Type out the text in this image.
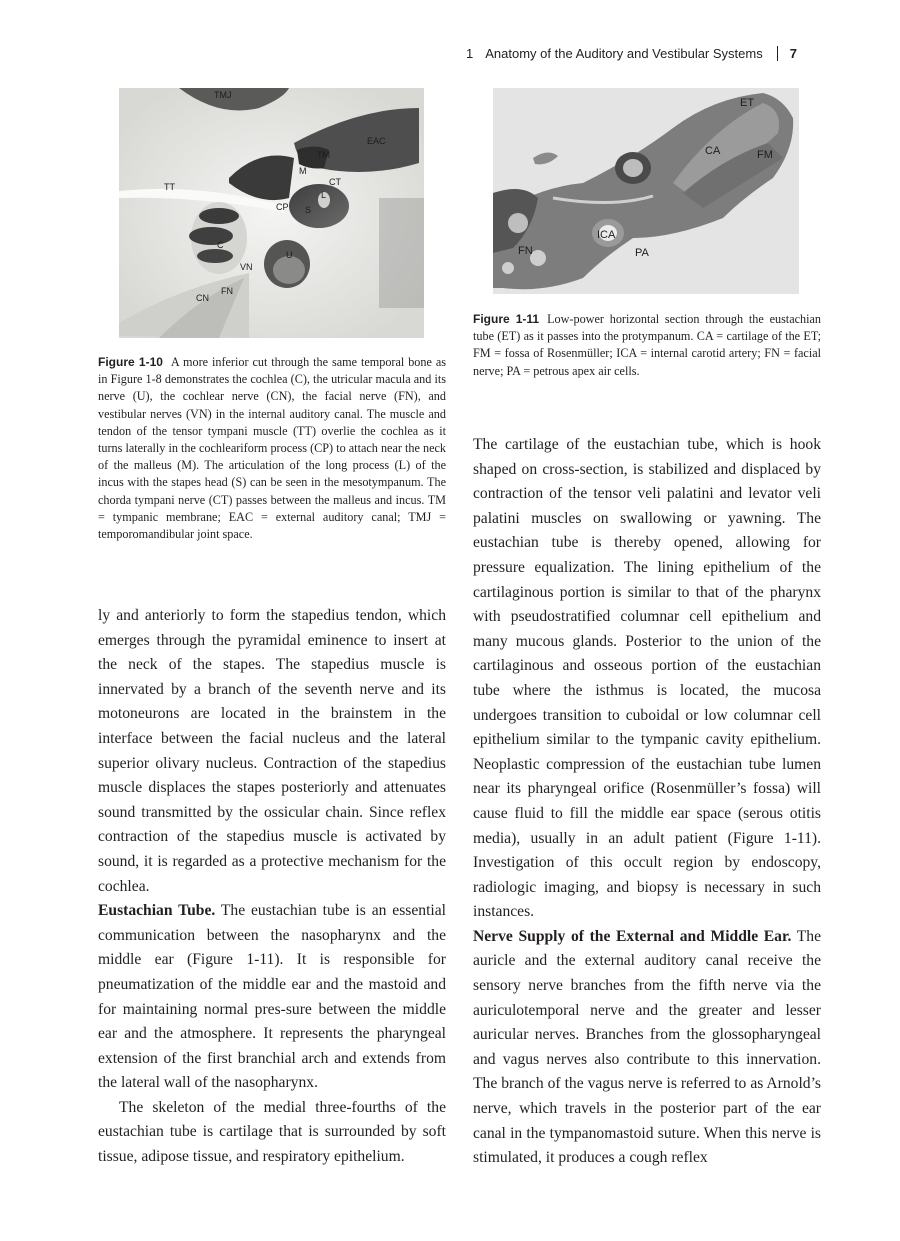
1 Anatomy of the Auditory and Vestibular Systems 7
TMJ
EAC
TM
M
CT
TT
L
CP S
C
U
VN
FN
CN
Figure 1-10 A more inferior cut through the same temporal bone as in Figure 1-8 demonstrates the cochlea (C), the utricular macula and its nerve (U), the cochlear nerve (CN), the facial nerve (FN), and vestibular nerves (VN) in the internal auditory canal. The muscle and tendon of the tensor tympani muscle (TT) overlie the cochlea as it turns laterally in the cochleariform process (CP) to attach near the neck of the malleus (M). The articulation of the long process (L) of the incus with the stapes head (S) can be seen in the mesotympanum. The chorda tympani nerve (CT) passes between the malleus and incus. TM = tympanic membrane; EAC = external auditory canal; TMJ = temporomandibular joint space.
ET
CA	FM
ICA
FN	PA
Figure 1-11 Low-power horizontal section through the eustachian tube (ET) as it passes into the protympanum. CA = cartilage of the ET; FM = fossa of Rosenmüller; ICA = internal carotid artery; FN = facial nerve; PA = petrous apex air cells.

ly and anteriorly to form the stapedius tendon, which emerges through the pyramidal eminence to insert at the neck of the stapes. The stapedius muscle is innervated by a branch of the seventh nerve and its motoneurons are located in the brainstem in the interface between the facial nucleus and the lateral superior olivary nucleus. Contraction of the stapedius muscle displaces the stapes posteriorly and attenuates sound transmitted by the ossicular chain. Since reflex contraction of the stapedius muscle is activated by sound, it is regarded as a protective mechanism for the cochlea.

Eustachian Tube. The eustachian tube is an essential communication between the nasopharynx and the middle ear (Figure 1-11). It is responsible for pneumatization of the middle ear and the mastoid and for maintaining normal pres-sure between the middle ear and the atmosphere. It represents the pharyngeal extension of the first branchial arch and extends from the lateral wall of the nasopharynx.

The skeleton of the medial three-fourths of the eustachian tube is cartilage that is surrounded by soft tissue, adipose tissue, and respiratory epithelium.

The cartilage of the eustachian tube, which is hook shaped on cross-section, is stabilized and displaced by contraction of the tensor veli palatini and levator veli palatini muscles on swallowing or yawning. The eustachian tube is thereby opened, allowing for pressure equalization. The lining epithelium of the cartilaginous portion is similar to that of the pharynx with pseudostratified columnar cell epithelium and many mucous glands. Posterior to the union of the cartilaginous and osseous portion of the eustachian tube where the isthmus is located, the mucosa undergoes transition to cuboidal or low columnar cell epithelium similar to the tympanic cavity epithelium. Neoplastic compression of the eustachian tube lumen near its pharyngeal orifice (Rosenmüller’s fossa) will cause fluid to fill the middle ear space (serous otitis media), usually in an adult patient (Figure 1-11). Investigation of this occult region by endoscopy, radiologic imaging, and biopsy is necessary in such instances.

Nerve Supply of the External and Middle Ear. The auricle and the external auditory canal receive the sensory nerve branches from the fifth nerve via the auriculotemporal nerve and the greater and lesser auricular nerves. Branches from the glossopharyngeal and vagus nerves also contribute to this innervation. The branch of the vagus nerve is referred to as Arnold’s nerve, which travels in the posterior part of the ear canal in the tympanomastoid suture. When this nerve is stimulated, it produces a cough reflex
